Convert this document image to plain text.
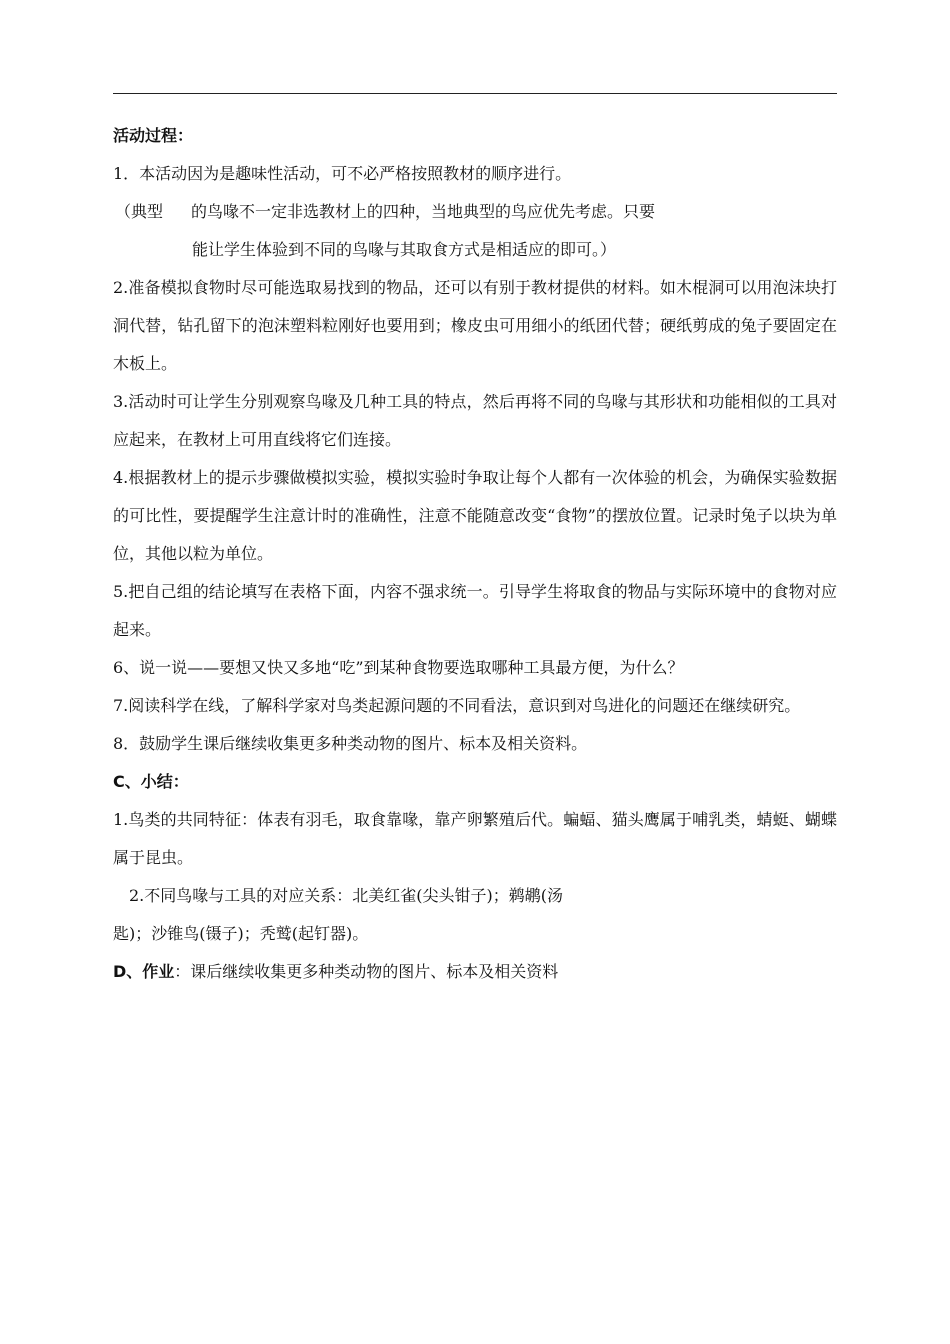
活动过程：
1．本活动因为是趣味性活动，可不必严格按照教材的顺序进行。
（典型 的鸟喙不一定非选教材上的四种，当地典型的鸟应优先考虑。只要
能让学生体验到不同的鸟喙与其取食方式是相适应的即可。）
2.准备模拟食物时尽可能选取易找到的物品，还可以有别于教材提供的材料。如木棍洞可以用泡沫块打洞代替，钻孔留下的泡沫塑料粒刚好也要用到；橡皮虫可用细小的纸团代替；硬纸剪成的兔子要固定在木板上。
3.活动时可让学生分别观察鸟喙及几种工具的特点，然后再将不同的鸟喙与其形状和功能相似的工具对应起来，在教材上可用直线将它们连接。
4.根据教材上的提示步骤做模拟实验，模拟实验时争取让每个人都有一次体验的机会，为确保实验数据的可比性，要提醒学生注意计时的准确性，注意不能随意改变“食物”的摆放位置。记录时兔子以块为单位，其他以粒为单位。
5.把自己组的结论填写在表格下面，内容不强求统一。引导学生将取食的物品与实际环境中的食物对应起来。
6、说一说——要想又快又多地“吃”到某种食物要选取哪种工具最方便，为什么？
7.阅读科学在线，了解科学家对鸟类起源问题的不同看法，意识到对鸟进化的问题还在继续研究。
8．鼓励学生课后继续收集更多种类动物的图片、标本及相关资料。
C、小结：
1.鸟类的共同特征：体表有羽毛，取食靠喙，靠产卵繁殖后代。蝙蝠、猫头鹰属于哺乳类，蜻蜓、蝴蝶属于昆虫。
2.不同鸟喙与工具的对应关系：北美红雀(尖头钳子)；鹈鹕(汤
匙)；沙锥鸟(镊子)；秃鹫(起钉器)。
D、作业：课后继续收集更多种类动物的图片、标本及相关资料
